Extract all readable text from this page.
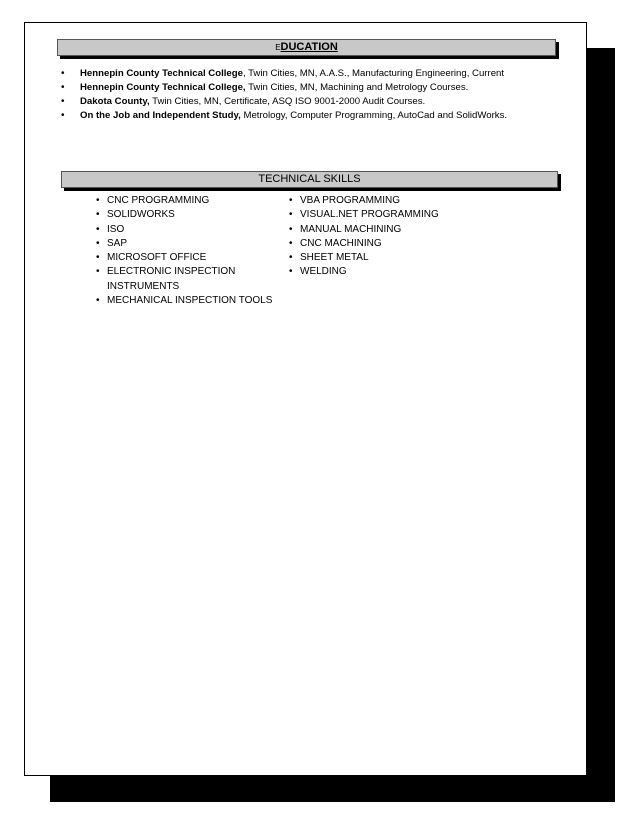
EDUCATION
• Hennepin County Technical College, Twin Cities, MN, A.A.S., Manufacturing Engineering, Current
• Hennepin County Technical College, Twin Cities, MN, Machining and Metrology Courses.
• Dakota County, Twin Cities, MN, Certificate, ASQ ISO 9001-2000 Audit Courses.
• On the Job and Independent Study, Metrology, Computer Programming, AutoCad and SolidWorks.
TECHNICAL SKILLS
• CNC PROGRAMMING
• SOLIDWORKS
• ISO
• SAP
• MICROSOFT OFFICE
• ELECTRONIC INSPECTION INSTRUMENTS
• MECHANICAL INSPECTION TOOLS
• VBA PROGRAMMING
• VISUAL.NET PROGRAMMING
• MANUAL MACHINING
• CNC MACHINING
• SHEET METAL
• WELDING
